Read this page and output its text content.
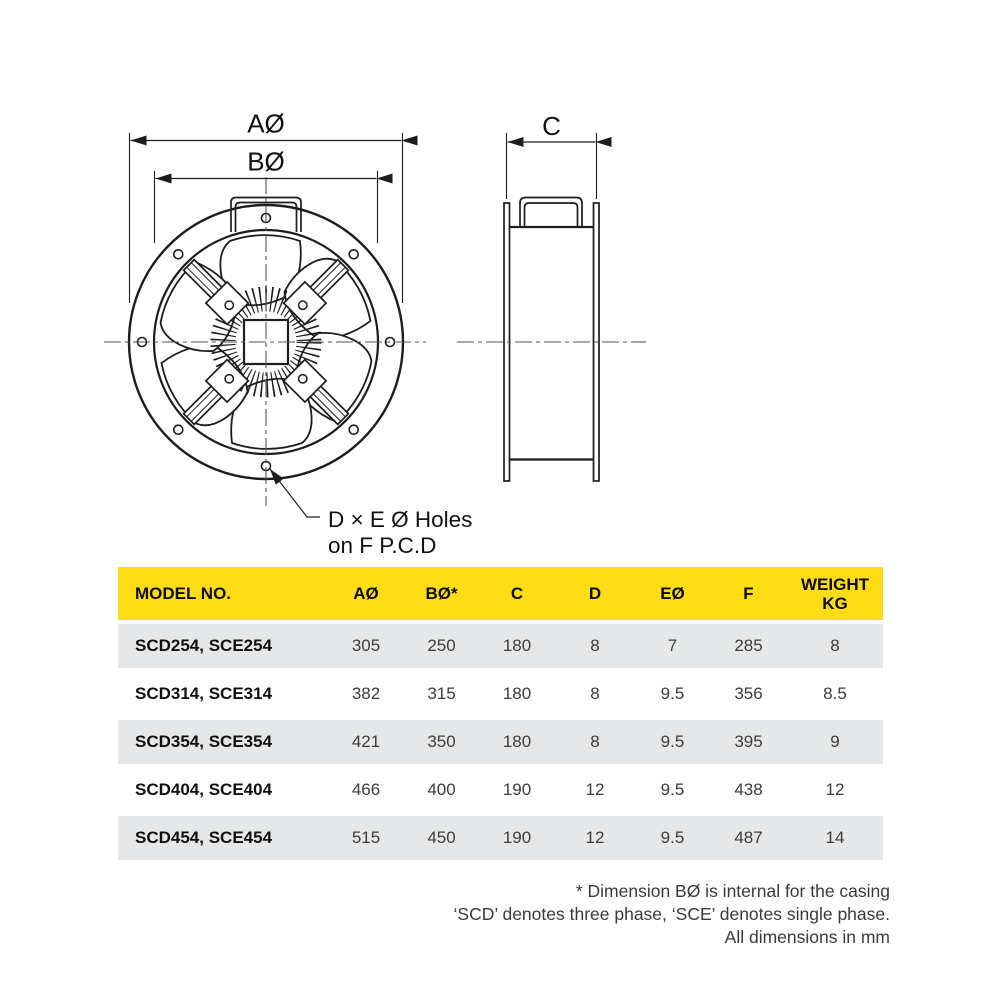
AØ
BØ
C
D × E Ø Holes
on F P.C.D
MODEL NO.	AØ	BØ*	C	D	EØ	F	WEIGHT
KG

SCD254, SCE254	305	250	180	8	7	285	8
SCD314, SCE314	382	315	180	8	9.5	356	8.5
SCD354, SCE354	421	350	180	8	9.5	395	9
SCD404, SCE404	466	400	190	12	9.5	438	12
SCD454, SCE454	515	450	190	12	9.5	487	14
* Dimension BØ is internal for the casing
‘SCD’ denotes three phase, ‘SCE’ denotes single phase.
All dimensions in mm
